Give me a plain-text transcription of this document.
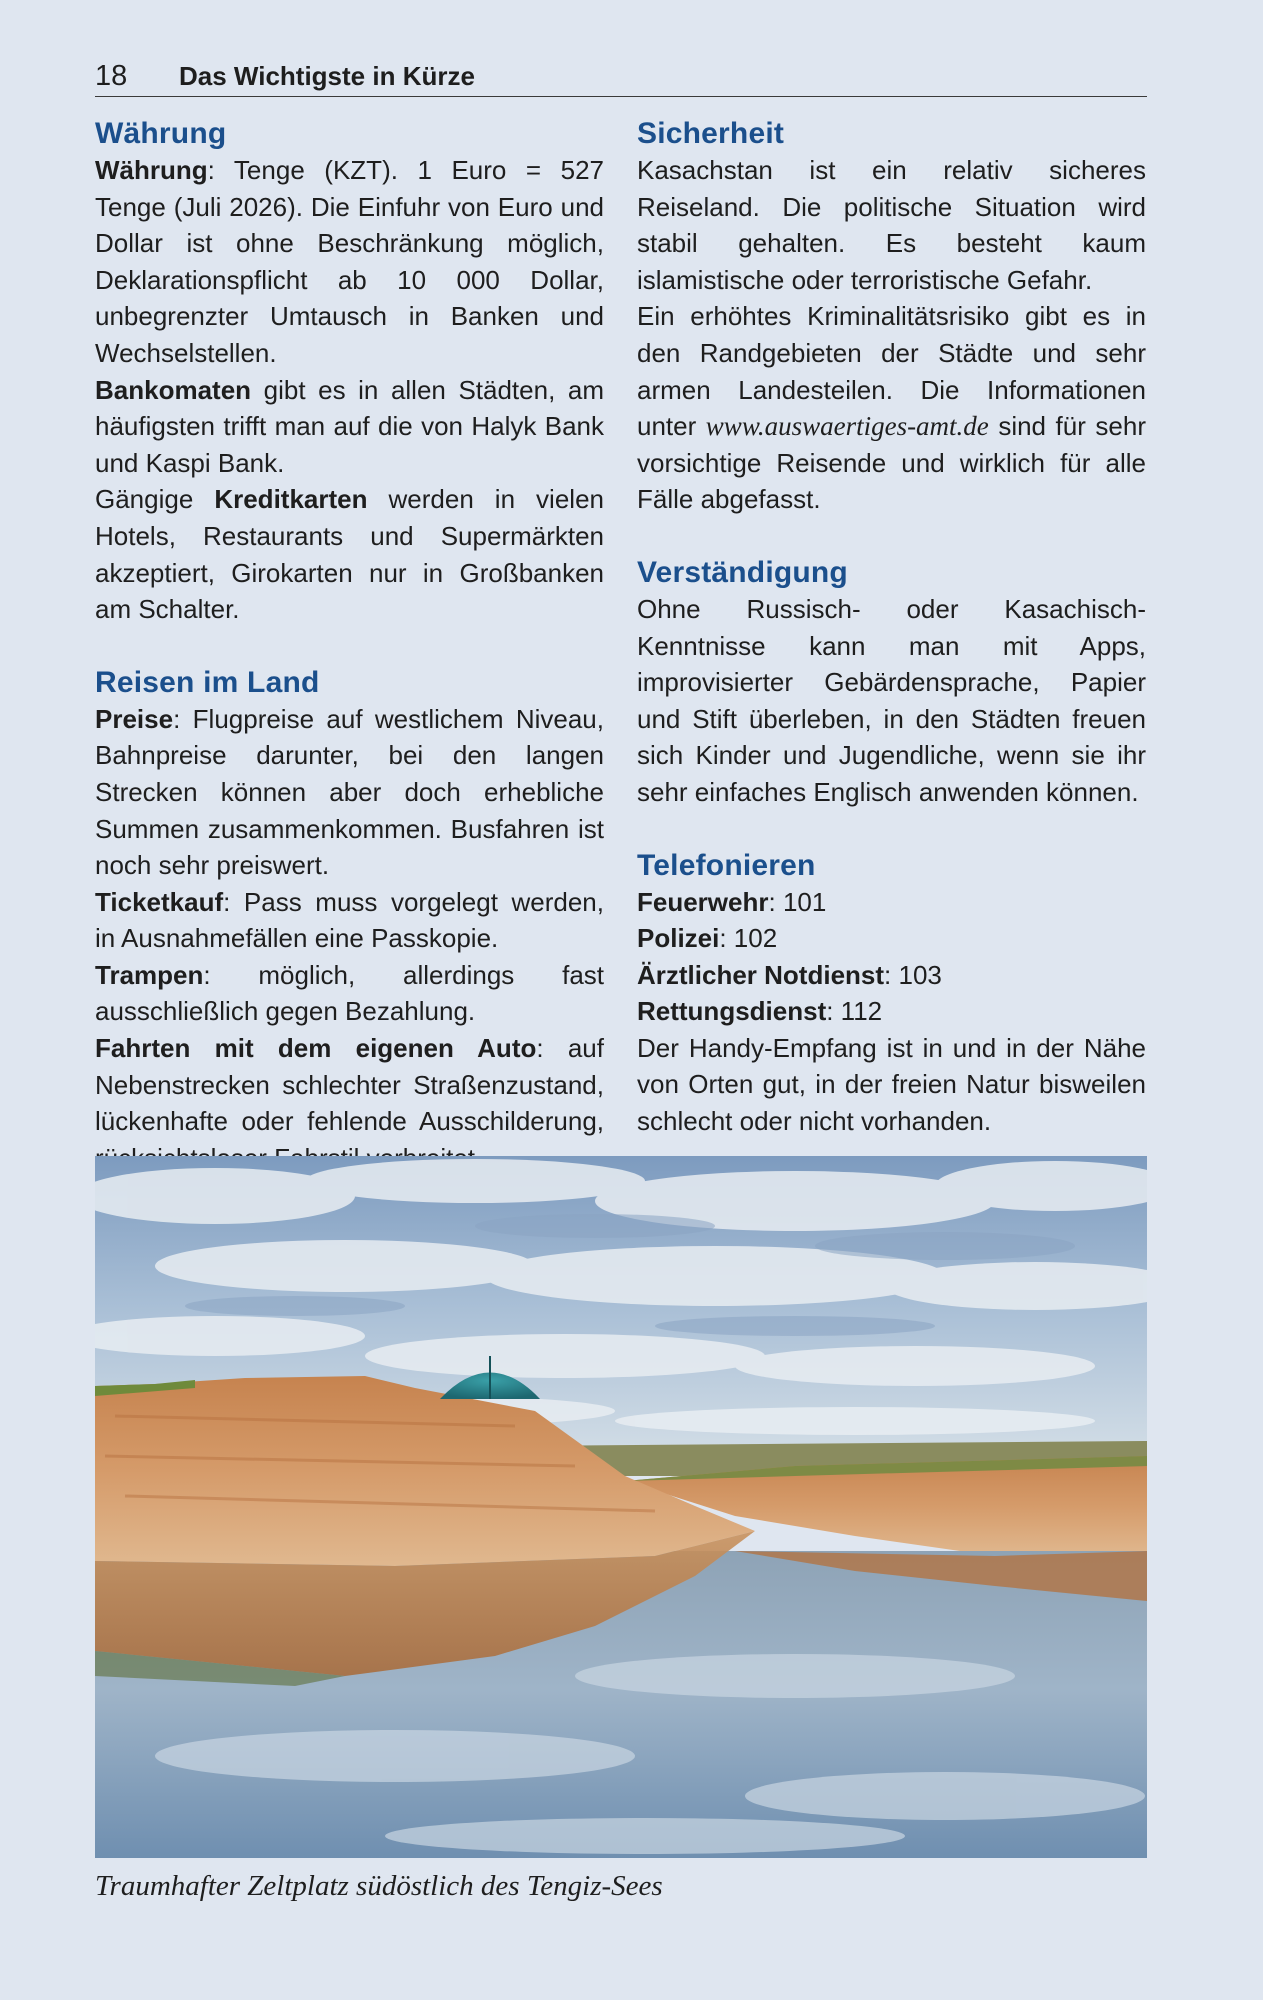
18	Das Wichtigste in Kürze
Währung

Währung: Tenge (KZT). 1 Euro = 527 Tenge (Juli 2026). Die Einfuhr von Euro und Dollar ist ohne Beschränkung möglich, Deklarationspflicht ab 10 000 Dollar, unbegrenzter Umtausch in Banken und Wechselstellen.

Bankomaten gibt es in allen Städten, am häufigsten trifft man auf die von Halyk Bank und Kaspi Bank.

Gängige Kreditkarten werden in vielen Hotels, Restaurants und Supermärkten akzeptiert, Girokarten nur in Großbanken am Schalter.

Reisen im Land

Preise: Flugpreise auf westlichem Niveau, Bahnpreise darunter, bei den langen Strecken können aber doch erhebliche Summen zusammenkommen. Busfahren ist noch sehr preiswert.

Ticketkauf: Pass muss vorgelegt werden, in Ausnahmefällen eine Passkopie.

Trampen: möglich, allerdings fast ausschließlich gegen Bezahlung.

Fahrten mit dem eigenen Auto: auf Nebenstrecken schlechter Straßenzustand, lückenhafte oder fehlende Ausschilderung,

Sicherheit

Kasachstan ist ein relativ sicheres Reiseland. Die politische Situation wird stabil gehalten. Es besteht kaum islamistische oder terroristische Gefahr.

Ein erhöhtes Kriminalitätsrisiko gibt es in den Randgebieten der Städte und sehr armen Landesteilen. Die Informationen unter www.auswaertiges-amt.de sind für sehr vorsichtige Reisende und wirklich für alle Fälle abgefasst.

Verständigung

Ohne Russisch- oder Kasachisch-Kenntnisse kann man mit Apps, improvisierter Gebärdensprache, Papier und Stift überleben, in den Städten freuen sich Kinder und Jugendliche, wenn sie ihr sehr einfaches Englisch anwenden können.

Telefonieren

Feuerwehr: 101

Polizei: 102

Ärztlicher Notdienst: 103

Rettungsdienst: 112

Der Handy-Empfang ist in und in der Nähe von Orten gut, in der freien Natur bisweilen schlecht oder nicht vorhanden.

Traumhafter Zeltplatz südöstlich des Tengiz-Sees
